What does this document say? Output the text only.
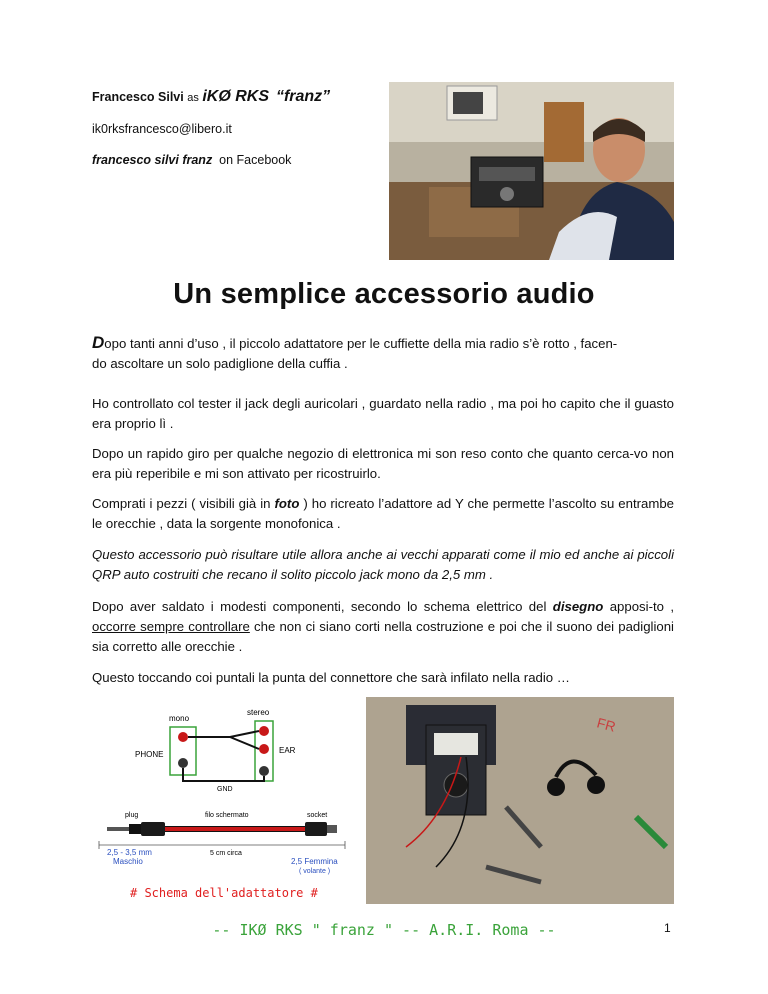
Francesco Silvi as iKØ RKS “franz”
ik0rksfrancesco@libero.it
francesco silvi franz on Facebook
Un semplice accessorio audio
Dopo tanti anni d’uso , il piccolo adattatore per le cuffiette della mia radio s’è rotto , facen-
do ascoltare un solo padiglione della cuffia .
Ho controllato col tester il jack degli auricolari , guardato nella radio , ma poi ho capito che il guasto era proprio lì .
Dopo un rapido giro per qualche negozio di elettronica mi son reso conto che quanto cerca-vo non era più reperibile e mi son attivato per ricostruirlo.
Comprati i pezzi ( visibili già in foto ) ho ricreato l’adattore ad Y che permette l’ascolto su entrambe le orecchie , data la sorgente monofonica .
Questo accessorio può risultare utile allora anche ai vecchi apparati come il mio ed anche ai piccoli QRP auto costruiti che recano il solito piccolo jack mono da 2,5 mm .
Dopo aver saldato i modesti componenti, secondo lo schema elettrico del disegno apposi-to , occorre sempre controllare che non ci siano corti nella costruzione e poi che il suono dei padiglioni sia corretto alle orecchie .
Questo toccando coi puntali la punta del connettore che sarà infilato nella radio …
mono
stereo
PHONE	EAR
GND
plug	filo schermato	socket
2,5 - 3,5 mm
Maschio
5 cm circa
2,5 Femmina
( volante )
# Schema dell'adattatore #
FR
-- IKØ RKS " franz " -- A.R.I. Roma --	1
